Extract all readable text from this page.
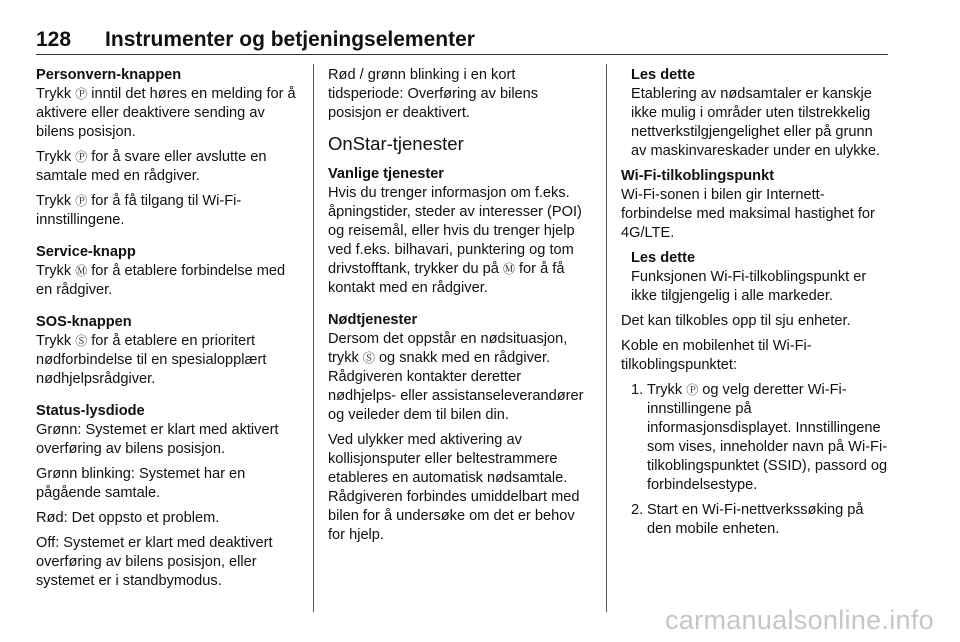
128 Instrumenter og betjeningselementer
Personvern-knappen

Trykk Ⓟ inntil det høres en melding for å aktivere eller deaktivere sending av bilens posisjon.

Trykk Ⓟ for å svare eller avslutte en samtale med en rådgiver.

Trykk Ⓟ for å få tilgang til Wi-Fi-innstillingene.

Service-knapp

Trykk Ⓜ for å etablere forbindelse med en rådgiver.

SOS-knappen

Trykk Ⓢ for å etablere en prioritert nødforbindelse til en spesialopplært nødhjelpsrådgiver.

Status-lysdiode

Grønn: Systemet er klart med aktivert overføring av bilens posisjon.

Grønn blinking: Systemet har en pågående samtale.

Rød: Det oppsto et problem.

Off: Systemet er klart med deaktivert overføring av bilens posisjon, eller systemet er i standbymodus.

Rød / grønn blinking i en kort tidsperiode: Overføring av bilens posisjon er deaktivert.

OnStar-tjenester
Vanlige tjenester

Hvis du trenger informasjon om f.eks. åpningstider, steder av interesser (POI) og reisemål, eller hvis du trenger hjelp ved f.eks. bilhavari, punktering og tom drivstofftank, trykker du på Ⓜ for å få kontakt med en rådgiver.

Nødtjenester

Dersom det oppstår en nødsituasjon, trykk Ⓢ og snakk med en rådgiver. Rådgiveren kontakter deretter nødhjelps- eller assistanseleverandører og veileder dem til bilen din.

Ved ulykker med aktivering av kollisjonsputer eller beltestrammere etableres en automatisk nødsamtale. Rådgiveren forbindes umiddelbart med bilen for å undersøke om det er behov for hjelp.

Les dette

Etablering av nødsamtaler er kanskje ikke mulig i områder uten tilstrekkelig nettverkstilgjengelighet eller på grunn av maskinvareskader under en ulykke.

Wi-Fi-tilkoblingspunkt

Wi-Fi-sonen i bilen gir Internett-forbindelse med maksimal hastighet for 4G/LTE.

Les dette

Funksjonen Wi-Fi-tilkoblingspunkt er ikke tilgjengelig i alle markeder.

Det kan tilkobles opp til sju enheter.

Koble en mobilenhet til Wi-Fi-tilkoblingspunktet:

1. Trykk Ⓟ og velg deretter Wi-Fi-innstillingene på informasjonsdisplayet. Innstillingene som vises, inneholder navn på Wi-Fi-tilkoblingspunktet (SSID), passord og forbindelsestype.
2. Start en Wi-Fi-nettverkssøking på den mobile enheten.
carmanualsonline.info
